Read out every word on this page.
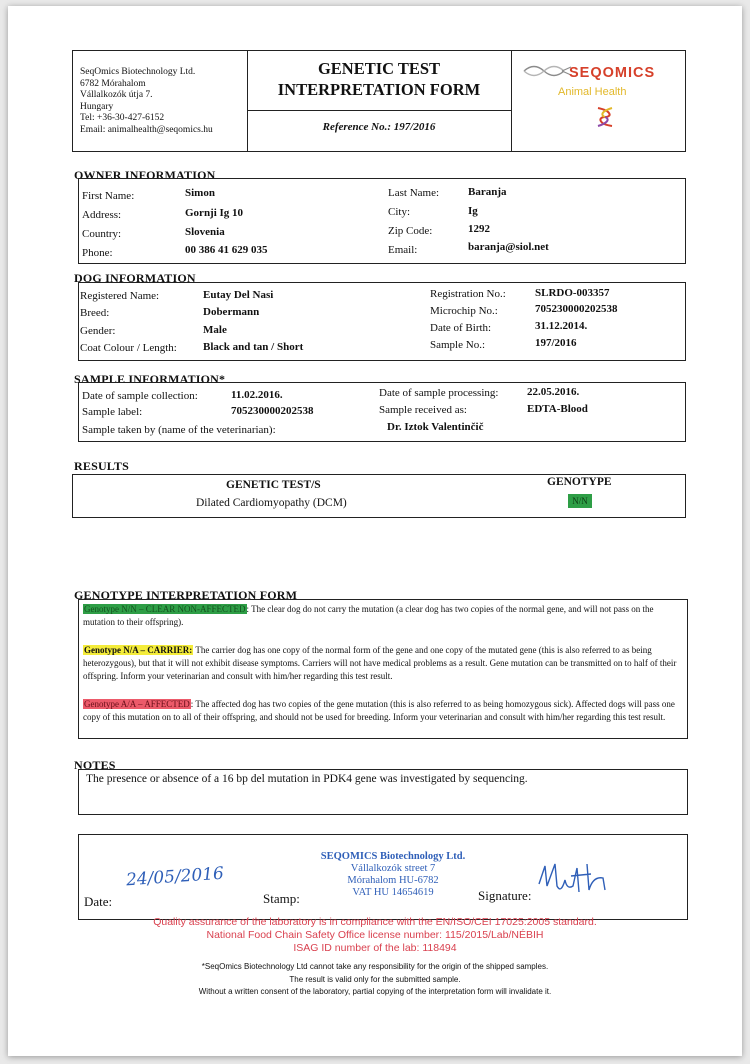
SeqOmics Biotechnology Ltd.
6782 Mórahalom
Vállalkozók útja 7.
Hungary
Tel: +36-30-427-6152
Email: animalhealth@seqomics.hu
GENETIC TEST
INTERPRETATION FORM
Reference No.: 197/2016
SEQOMICS
Animal Health
OWNER INFORMATION
First Name:	Simon	Last Name:	Baranja
Address:	Gornji Ig 10	City:	Ig
Country:	Slovenia	Zip Code:	1292
Phone:	00 386 41 629 035	Email:	baranja@siol.net
DOG INFORMATION
Registered Name:	Eutay Del Nasi	Registration No.:	SLRDO-003357
Breed:	Dobermann	Microchip No.:	705230000202538
Gender:	Male	Date of Birth:	31.12.2014.
Coat Colour / Length: Black and tan / Short	Sample No.:	197/2016
SAMPLE INFORMATION*
Date of sample collection:	11.02.2016.	Date of sample processing:	22.05.2016.
Sample label:	705230000202538	Sample received as:	EDTA-Blood
Sample taken by (name of the veterinarian):	Dr. Iztok Valentinčič
RESULTS
GENETIC TEST/S	GENOTYPE
Dilated Cardiomyopathy (DCM)	N/N
GENOTYPE INTERPRETATION FORM
Genotype N/N – CLEAR NON-AFFECTED: The clear dog do not carry the mutation (a clear dog has two copies of the normal gene, and will not pass on the mutation to their offspring).
Genotype N/A – CARRIER: The carrier dog has one copy of the normal form of the gene and one copy of the mutated gene (this is also referred to as being heterozygous), but that it will not exhibit disease symptoms. Carriers will not have medical problems as a result. Gene mutation can be transmitted on to half of their offspring. Inform your veterinarian and consult with him/her regarding this test result.
Genotype A/A – AFFECTED: The affected dog has two copies of the gene mutation (this is also referred to as being homozygous sick). Affected dogs will pass one copy of this mutation on to all of their offspring, and should not be used for breeding. Inform your veterinarian and consult with him/her regarding this test result.
NOTES
The presence or absence of a 16 bp del mutation in PDK4 gene was investigated by sequencing.
Date:
24/05/2016
Stamp:
SEQOMICS Biotechnology Ltd.
Vállalkozók street 7
Mórahalom HU-6782
VAT HU 14654619	Signature:
Quality assurance of the laboratory is in compliance with the EN/ISO/CEI 17025:2005 standard.
National Food Chain Safety Office license number: 115/2015/Lab/NÉBIH
ISAG ID number of the lab: 118494
*SeqOmics Biotechnology Ltd cannot take any responsibility for the origin of the shipped samples.
The result is valid only for the submitted sample.
Without a written consent of the laboratory, partial copying of the interpretation form will invalidate it.
